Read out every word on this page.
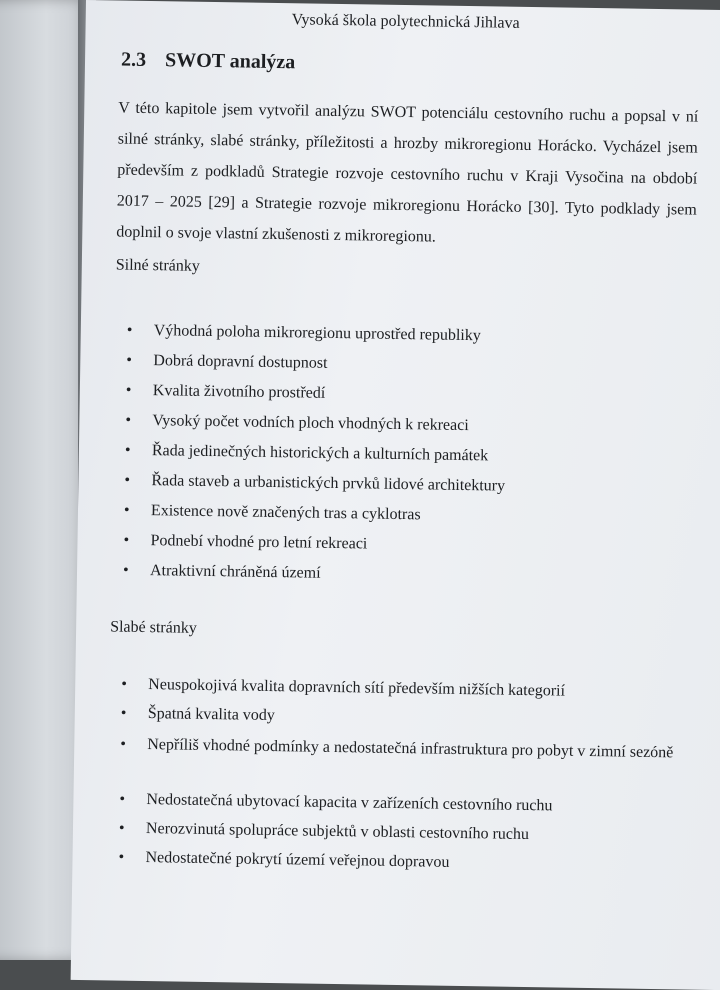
Vysoká škola polytechnická Jihlava
2.3 SWOT analýza
V této kapitole jsem vytvořil analýzu SWOT potenciálu cestovního ruchu a popsal v ní silné stránky, slabé stránky, příležitosti a hrozby mikroregionu Horácko. Vycházel jsem především z podkladů Strategie rozvoje cestovního ruchu v Kraji Vysočina na období 2017 – 2025 [29] a Strategie rozvoje mikroregionu Horácko [30]. Tyto podklady jsem doplnil o svoje vlastní zkušenosti z mikroregionu.
Silné stránky
• Výhodná poloha mikroregionu uprostřed republiky
• Dobrá dopravní dostupnost
• Kvalita životního prostředí
• Vysoký počet vodních ploch vhodných k rekreaci
• Řada jedinečných historických a kulturních památek
• Řada staveb a urbanistických prvků lidové architektury
• Existence nově značených tras a cyklotras
• Podnebí vhodné pro letní rekreaci
• Atraktivní chráněná území
Slabé stránky
• Neuspokojivá kvalita dopravních sítí především nižších kategorií
• Špatná kvalita vody
• Nepříliš vhodné podmínky a nedostatečná infrastruktura pro pobyt v zimní sezóně
• Nedostatečná ubytovací kapacita v zařízeních cestovního ruchu
• Nerozvinutá spolupráce subjektů v oblasti cestovního ruchu
• Nedostatečné pokrytí území veřejnou dopravou
